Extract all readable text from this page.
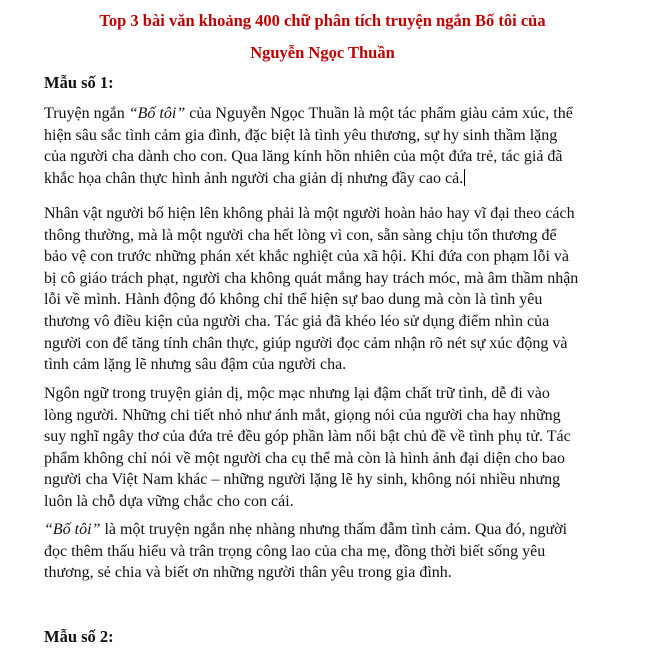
Top 3 bài văn khoảng 400 chữ phân tích truyện ngắn Bố tôi của
Nguyễn Ngọc Thuần
Mẫu số 1:
Truyện ngắn “Bố tôi” của Nguyễn Ngọc Thuần là một tác phẩm giàu cảm xúc, thể
hiện sâu sắc tình cảm gia đình, đặc biệt là tình yêu thương, sự hy sinh thầm lặng
của người cha dành cho con. Qua lăng kính hồn nhiên của một đứa trẻ, tác giả đã
khắc họa chân thực hình ảnh người cha giản dị nhưng đầy cao cả.
Nhân vật người bố hiện lên không phải là một người hoàn hảo hay vĩ đại theo cách
thông thường, mà là một người cha hết lòng vì con, sẵn sàng chịu tổn thương để
bảo vệ con trước những phán xét khắc nghiệt của xã hội. Khi đứa con phạm lỗi và
bị cô giáo trách phạt, người cha không quát mắng hay trách móc, mà âm thầm nhận
lỗi về mình. Hành động đó không chỉ thể hiện sự bao dung mà còn là tình yêu
thương vô điều kiện của người cha. Tác giả đã khéo léo sử dụng điểm nhìn của
người con để tăng tính chân thực, giúp người đọc cảm nhận rõ nét sự xúc động và
tình cảm lặng lẽ nhưng sâu đậm của người cha.
Ngôn ngữ trong truyện giản dị, mộc mạc nhưng lại đậm chất trữ tình, dễ đi vào
lòng người. Những chi tiết nhỏ như ánh mắt, giọng nói của người cha hay những
suy nghĩ ngây thơ của đứa trẻ đều góp phần làm nổi bật chủ đề về tình phụ tử. Tác
phẩm không chỉ nói về một người cha cụ thể mà còn là hình ảnh đại diện cho bao
người cha Việt Nam khác – những người lặng lẽ hy sinh, không nói nhiều nhưng
luôn là chỗ dựa vững chắc cho con cái.
“Bố tôi” là một truyện ngắn nhẹ nhàng nhưng thấm đẫm tình cảm. Qua đó, người
đọc thêm thấu hiểu và trân trọng công lao của cha mẹ, đồng thời biết sống yêu
thương, sẻ chia và biết ơn những người thân yêu trong gia đình.
Mẫu số 2:
